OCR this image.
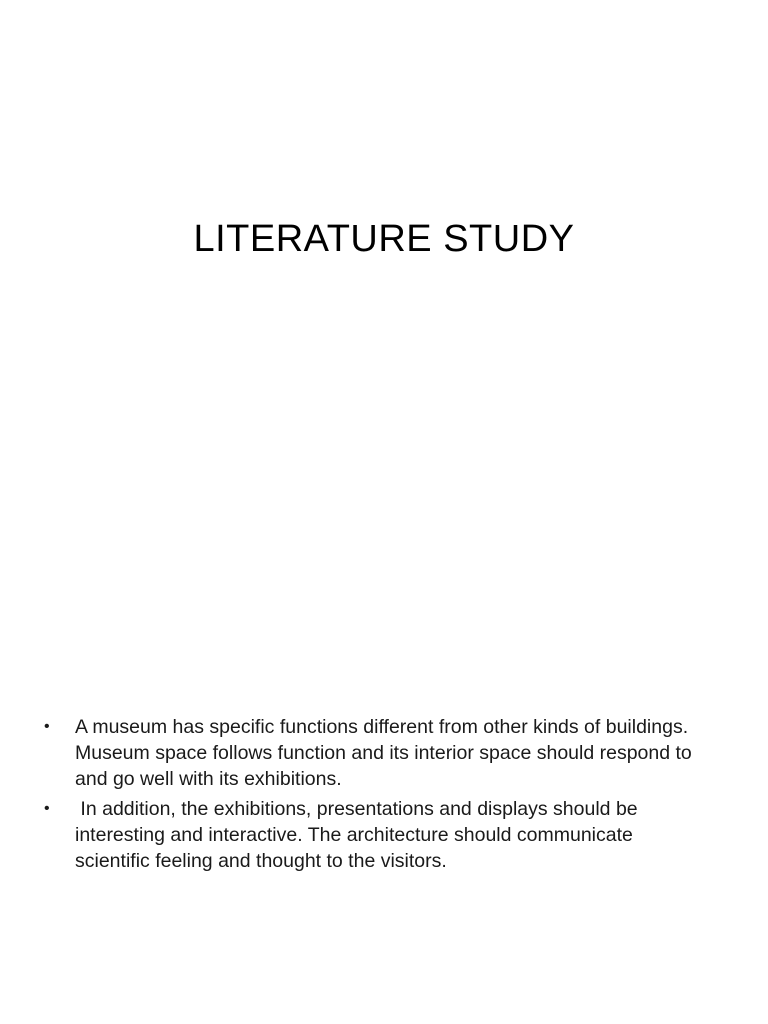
LITERATURE STUDY
• A museum has specific functions different from other kinds of buildings. Museum space follows function and its interior space should respond to and go well with its exhibitions.
• In addition, the exhibitions, presentations and displays should be interesting and interactive. The architecture should communicate scientific feeling and thought to the visitors.
